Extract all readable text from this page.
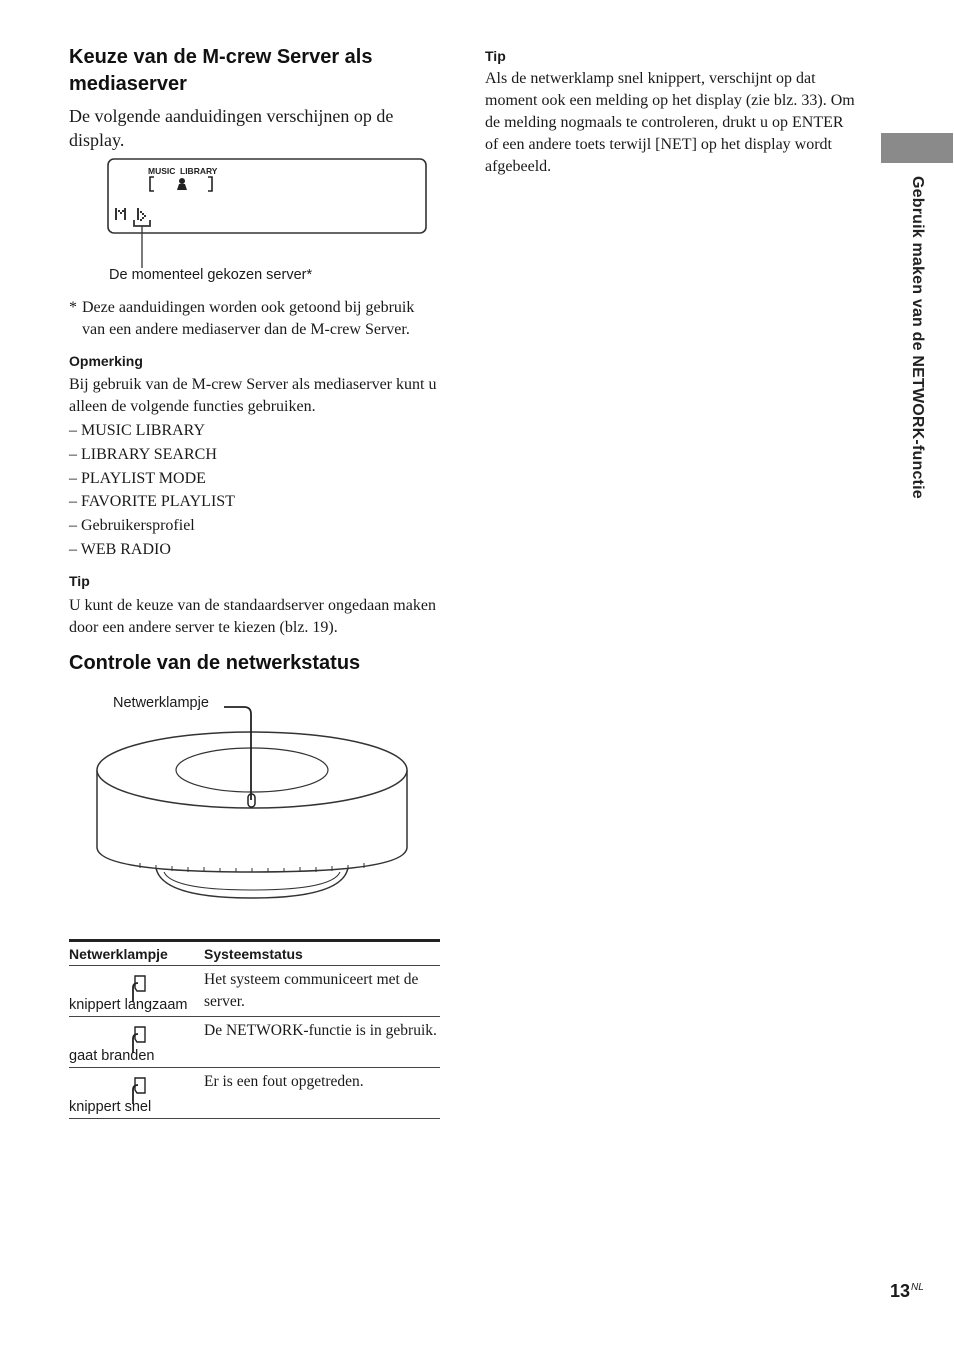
Keuze van de M-crew Server als mediaserver
De volgende aanduidingen verschijnen op de display.
MUSIC LIBRARY
De momenteel gekozen server*
* Deze aanduidingen worden ook getoond bij gebruik van een andere mediaserver dan de M-crew Server.
Opmerking
Bij gebruik van de M-crew Server als mediaserver kunt u alleen de volgende functies gebruiken.
– MUSIC LIBRARY
– LIBRARY SEARCH
– PLAYLIST MODE
– FAVORITE PLAYLIST
– Gebruikersprofiel
– WEB RADIO
Tip
U kunt de keuze van de standaardserver ongedaan maken door een andere server te kiezen (blz. 19).
Controle van de netwerkstatus
Netwerklampje
Netwerklampje	Systeemstatus

knippert langzaam	Het systeem communiceert met de server.

gaat branden	De NETWORK-functie is in gebruik.

knippert snel	Er is een fout opgetreden.
Tip
Als de netwerklamp snel knippert, verschijnt op dat moment ook een melding op het display (zie blz. 33). Om de melding nogmaals te controleren, drukt u op ENTER of een andere toets terwijl [NET] op het display wordt afgebeeld.
Gebruik maken van de NETWORK-functie
$13^{NL}$
